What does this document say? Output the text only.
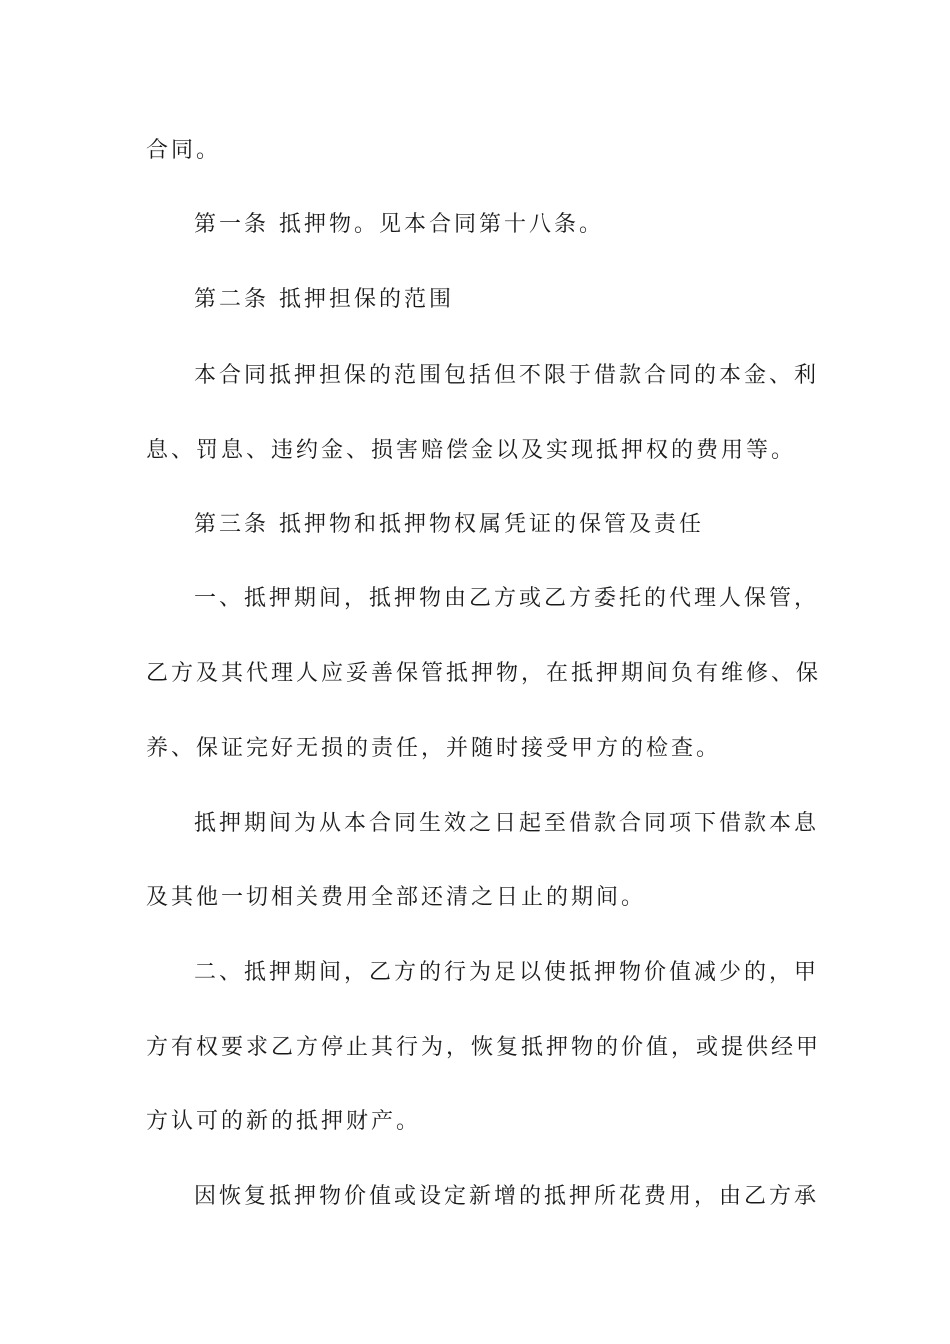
合同。
第一条 抵押物。见本合同第十八条。
第二条 抵押担保的范围
本合同抵押担保的范围包括但不限于借款合同的本金、利
息、罚息、违约金、损害赔偿金以及实现抵押权的费用等。
第三条 抵押物和抵押物权属凭证的保管及责任
一、抵押期间，抵押物由乙方或乙方委托的代理人保管，
乙方及其代理人应妥善保管抵押物，在抵押期间负有维修、保
养、保证完好无损的责任，并随时接受甲方的检查。
抵押期间为从本合同生效之日起至借款合同项下借款本息
及其他一切相关费用全部还清之日止的期间。
二、抵押期间，乙方的行为足以使抵押物价值减少的，甲
方有权要求乙方停止其行为，恢复抵押物的价值，或提供经甲
方认可的新的抵押财产。
因恢复抵押物价值或设定新增的抵押所花费用，由乙方承
